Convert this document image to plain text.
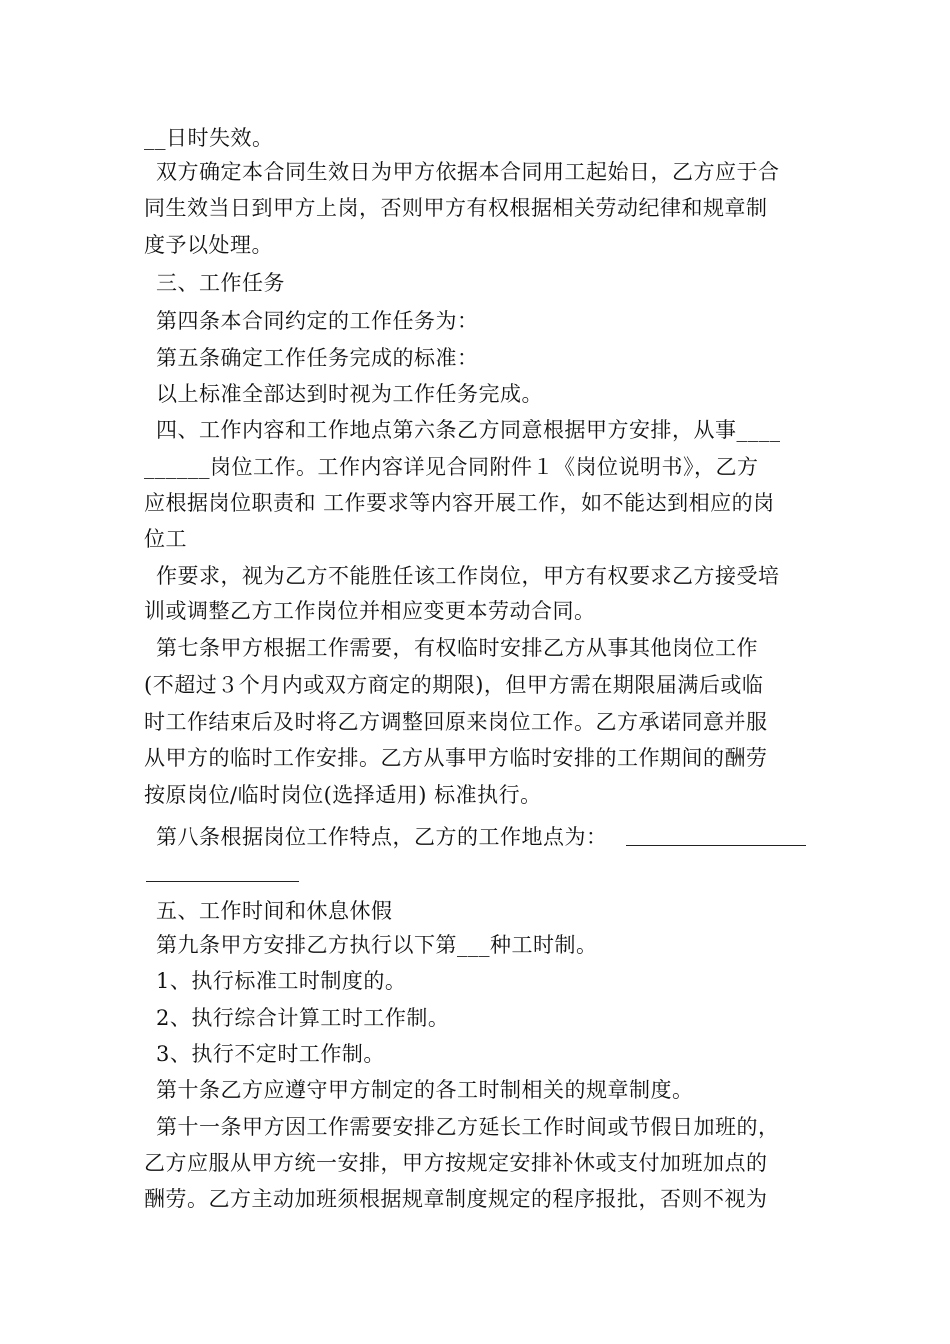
__日时失效。
双方确定本合同生效日为甲方依据本合同用工起始日，乙方应于合
同生效当日到甲方上岗，否则甲方有权根据相关劳动纪律和规章制
度予以处理。
三、工作任务
第四条本合同约定的工作任务为：
第五条确定工作任务完成的标准：
以上标准全部达到时视为工作任务完成。
四、工作内容和工作地点第六条乙方同意根据甲方安排，从事____
______岗位工作。工作内容详见合同附件１《岗位说明书》，乙方
应根据岗位职责和 工作要求等内容开展工作，如不能达到相应的岗
位工
作要求，视为乙方不能胜任该工作岗位，甲方有权要求乙方接受培
训或调整乙方工作岗位并相应变更本劳动合同。
第七条甲方根据工作需要，有权临时安排乙方从事其他岗位工作
(不超过３个月内或双方商定的期限)，但甲方需在期限届满后或临
时工作结束后及时将乙方调整回原来岗位工作。乙方承诺同意并服
从甲方的临时工作安排。乙方从事甲方临时安排的工作期间的酬劳
按原岗位/临时岗位(选择适用) 标准执行。
第八条根据岗位工作特点，乙方的工作地点为：
五、工作时间和休息休假
第九条甲方安排乙方执行以下第___种工时制。
1、执行标准工时制度的。
2、执行综合计算工时工作制。
3、执行不定时工作制。
第十条乙方应遵守甲方制定的各工时制相关的规章制度。
第十一条甲方因工作需要安排乙方延长工作时间或节假日加班的，
乙方应服从甲方统一安排，甲方按规定安排补休或支付加班加点的
酬劳。乙方主动加班须根据规章制度规定的程序报批，否则不视为
